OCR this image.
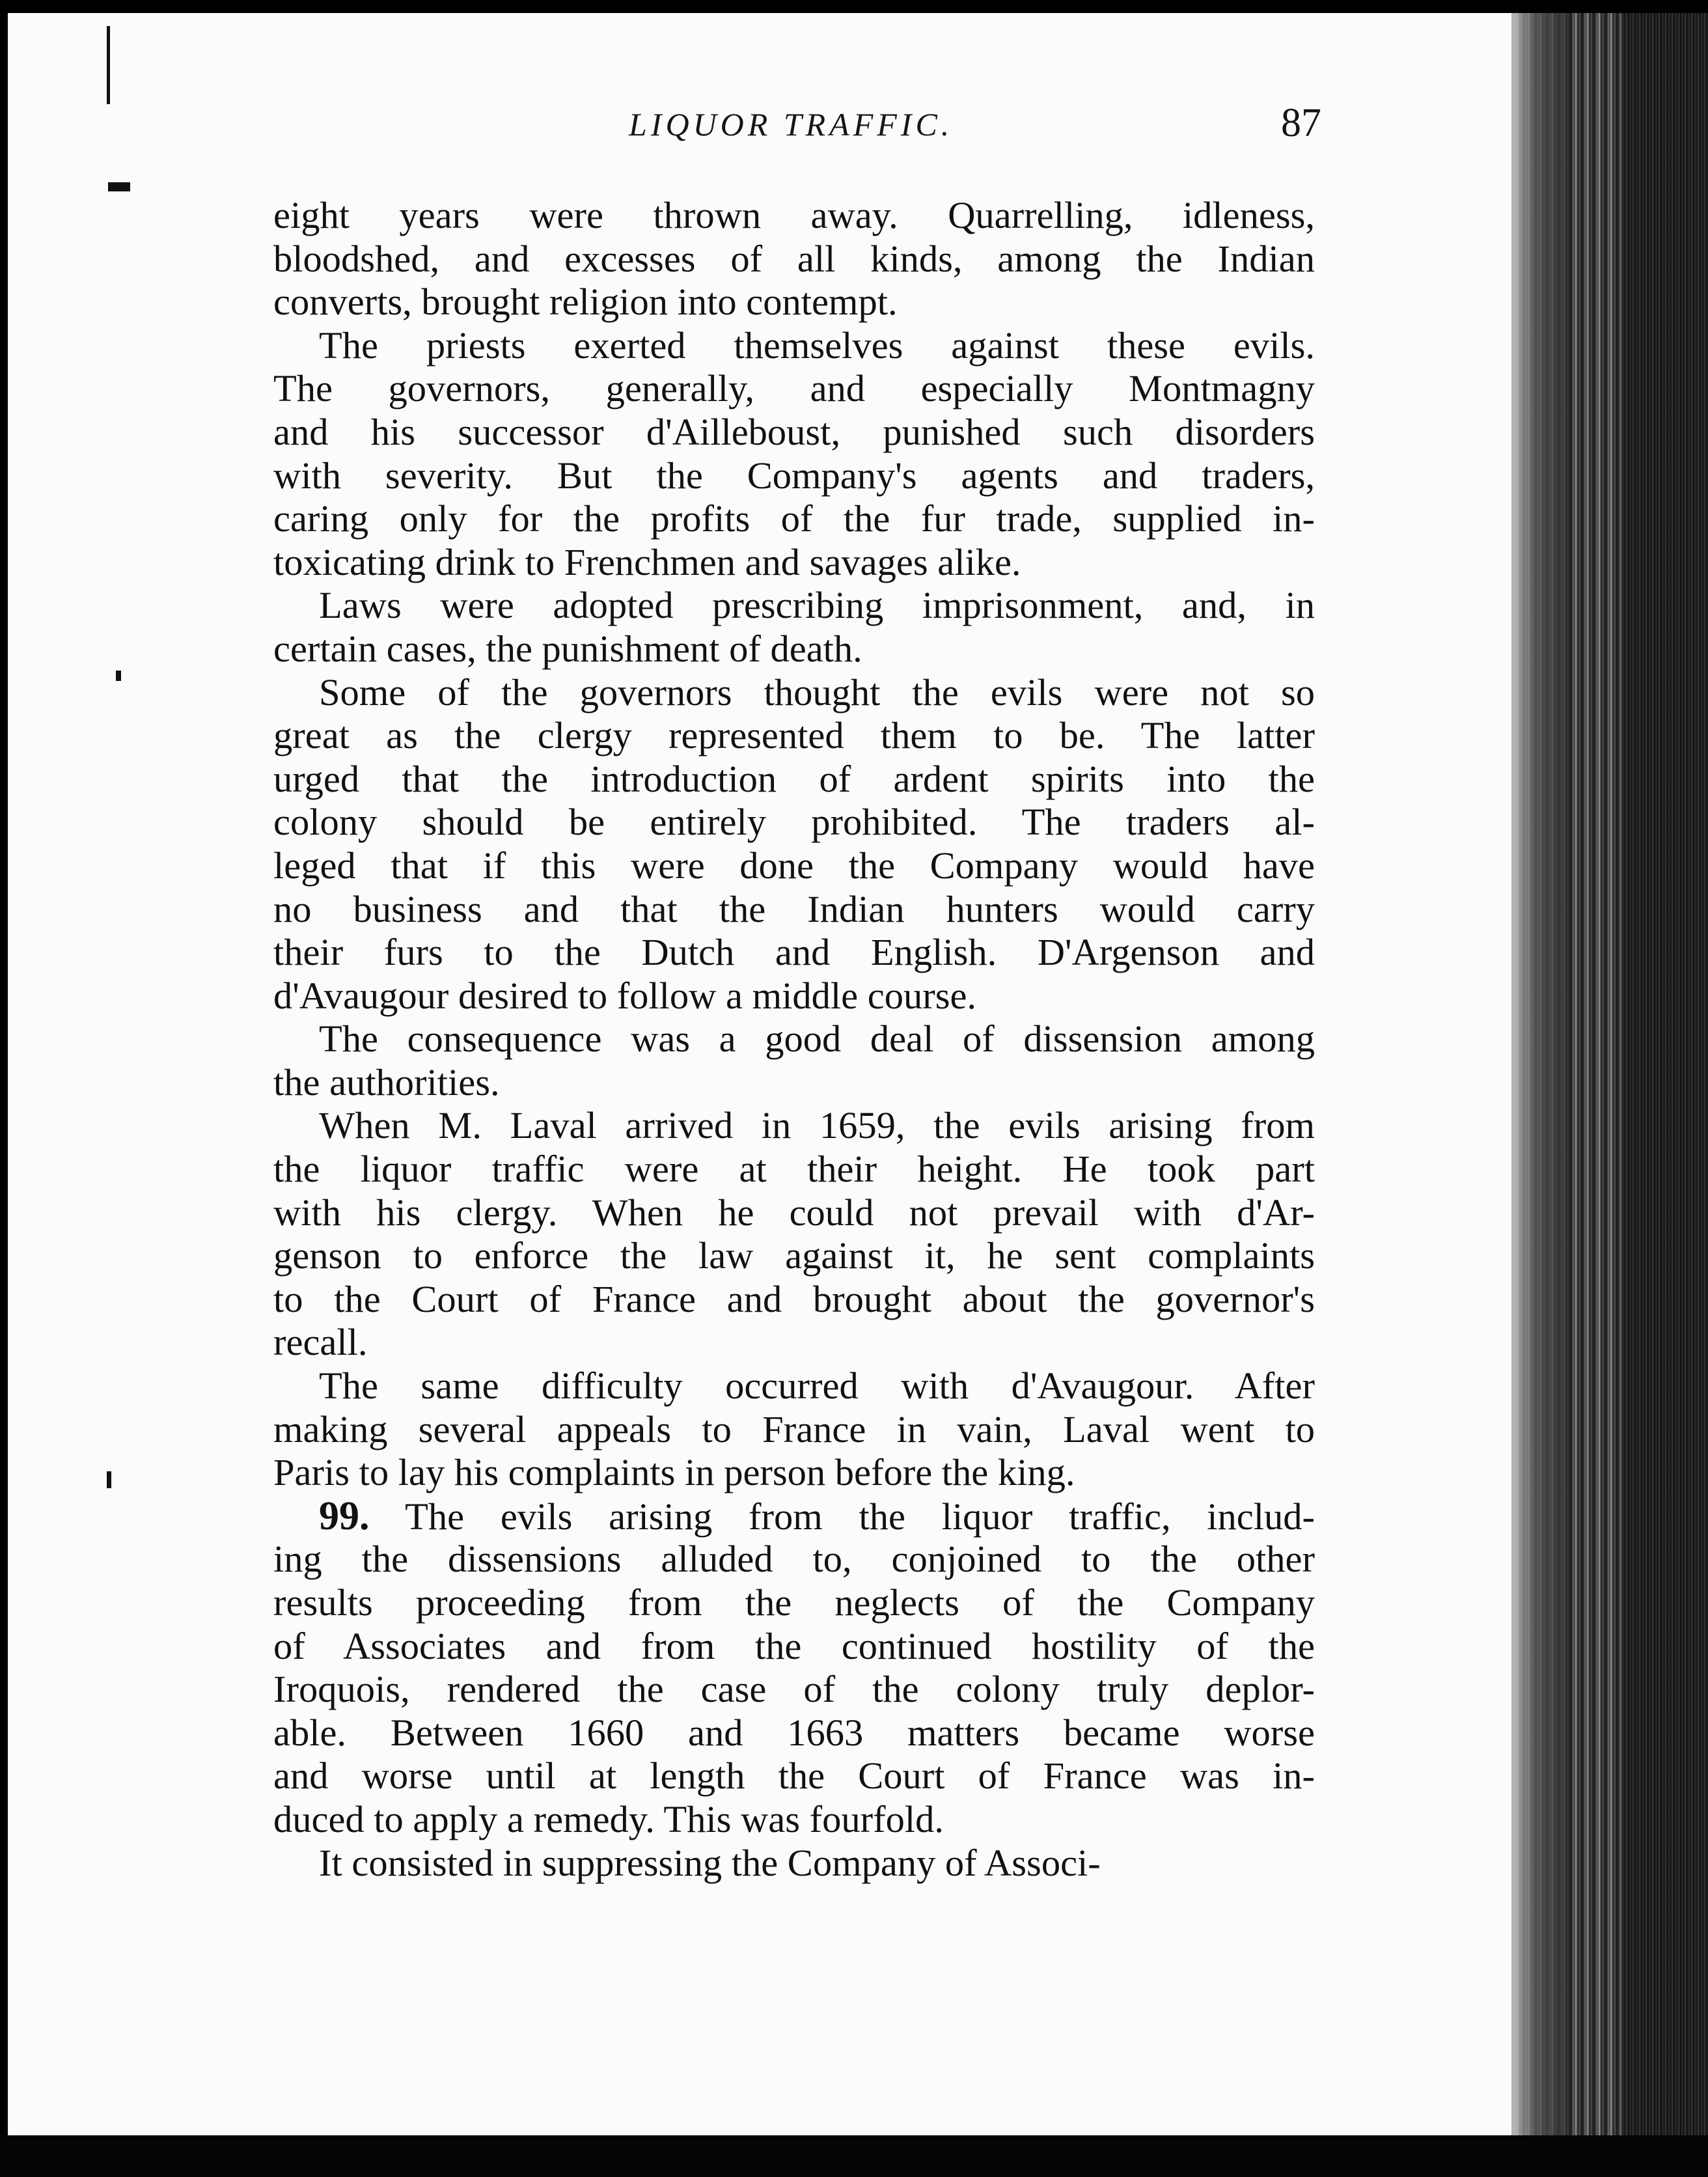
LIQUOR TRAFFIC.	87
eight years were thrown away. Quarrelling, idleness,
bloodshed, and excesses of all kinds, among the Indian
converts, brought religion into contempt.
The priests exerted themselves against these evils.
The governors, generally, and especially Montmagny
and his successor d'Ailleboust, punished such disorders
with severity. But the Company's agents and traders,
caring only for the profits of the fur trade, supplied in-
toxicating drink to Frenchmen and savages alike.
Laws were adopted prescribing imprisonment, and, in
certain cases, the punishment of death.
Some of the governors thought the evils were not so
great as the clergy represented them to be. The latter
urged that the introduction of ardent spirits into the
colony should be entirely prohibited. The traders al-
leged that if this were done the Company would have
no business and that the Indian hunters would carry
their furs to the Dutch and English. D'Argenson and
d'Avaugour desired to follow a middle course.
The consequence was a good deal of dissension among
the authorities.
When M. Laval arrived in 1659, the evils arising from
the liquor traffic were at their height. He took part
with his clergy. When he could not prevail with d'Ar-
genson to enforce the law against it, he sent complaints
to the Court of France and brought about the governor's
recall.
The same difficulty occurred with d'Avaugour. After
making several appeals to France in vain, Laval went to
Paris to lay his complaints in person before the king.
99. The evils arising from the liquor traffic, includ-
ing the dissensions alluded to, conjoined to the other
results proceeding from the neglects of the Company
of Associates and from the continued hostility of the
Iroquois, rendered the case of the colony truly deplor-
able. Between 1660 and 1663 matters became worse
and worse until at length the Court of France was in-
duced to apply a remedy. This was fourfold.
It consisted in suppressing the Company of Associ-
